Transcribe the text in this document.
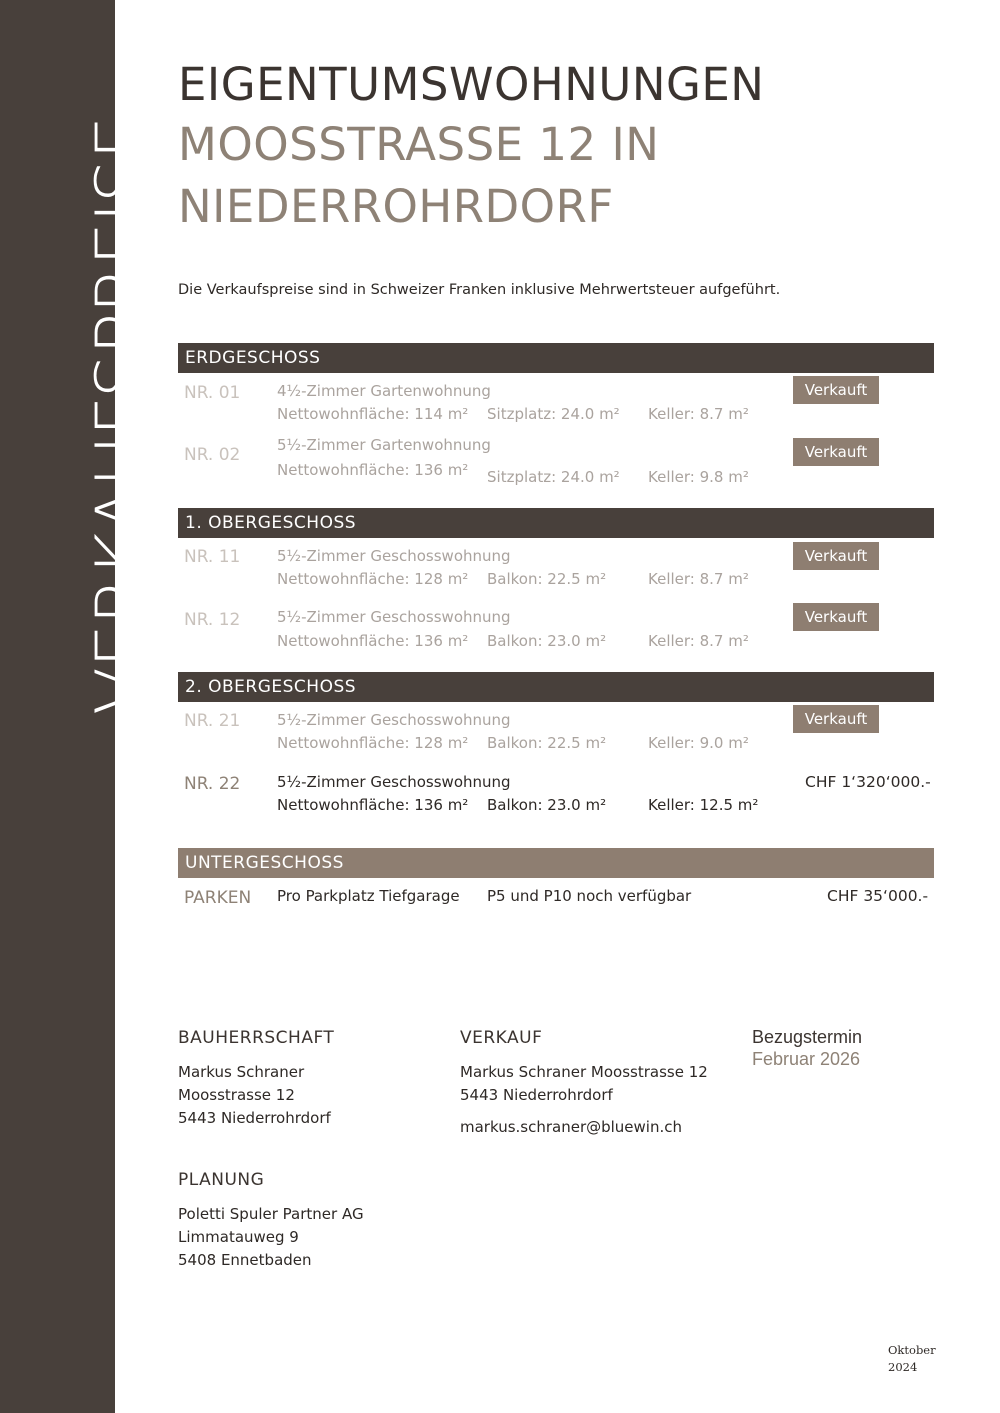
VERKAUFSPREISE
EIGENTUMSWOHNUNGEN
MOOSSTRASSE 12 IN
NIEDERROHRDORF
Die Verkaufspreise sind in Schweizer Franken inklusive Mehrwertsteuer aufgeführt.
ERDGESCHOSS
NR. 01 4½-Zimmer Gartenwohnung
Nettowohnfläche: 114 m² Sitzplatz: 24.0 m² Keller: 8.7 m²
Verkauft
NR. 02 5½-Zimmer Gartenwohnung
Nettowohnfläche: 136 m² Sitzplatz: 24.0 m² Keller: 9.8 m²
Verkauft
1. OBERGESCHOSS
NR. 11 5½-Zimmer Geschosswohnung
Nettowohnfläche: 128 m² Balkon: 22.5 m²	Keller: 8.7 m²
Verkauft
NR. 12 5½-Zimmer Geschosswohnung
Nettowohnfläche: 136 m² Balkon: 23.0 m²	Keller: 8.7 m²
Verkauft
2. OBERGESCHOSS
NR. 21 5½-Zimmer Geschosswohnung
Nettowohnfläche: 128 m² Balkon: 22.5 m²	Keller: 9.0 m²
Verkauft
NR. 22 5½-Zimmer Geschosswohnung
Nettowohnfläche: 136 m² Balkon: 23.0 m²	Keller: 12.5 m²
CHF 1‘320‘000.-
UNTERGESCHOSS
PARKEN Pro Parkplatz Tiefgarage P5 und P10 noch verfügbar	CHF 35‘000.-
BAUHERRSCHAFT
Markus Schraner
Moosstrasse 12
5443 Niederrohrdorf
VERKAUF
Markus Schraner Moosstrasse 12
5443 Niederrohrdorf
markus.schraner@bluewin.ch
Bezugstermin
Februar 2026
PLANUNG
Poletti Spuler Partner AG
Limmatauweg 9
5408 Ennetbaden
Oktober
2024
